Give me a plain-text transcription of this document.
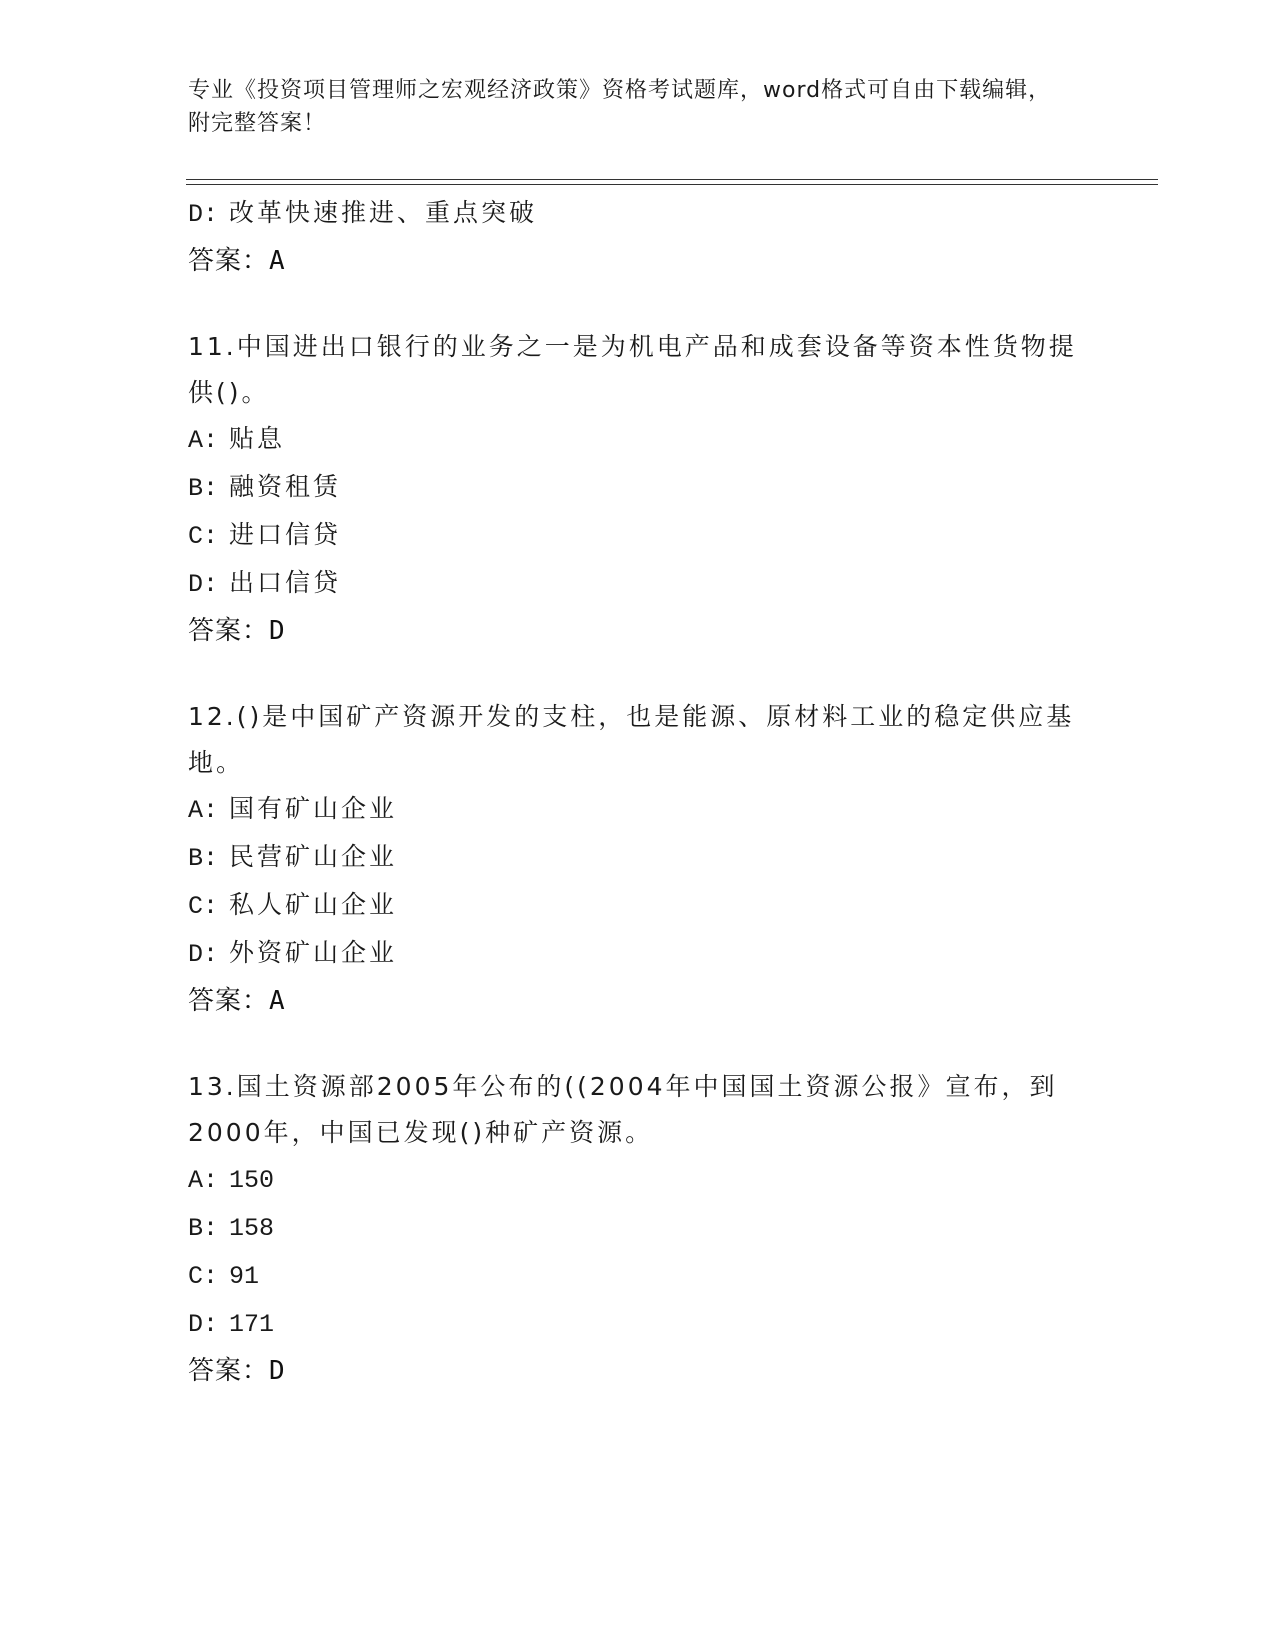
专业《投资项目管理师之宏观经济政策》资格考试题库，word格式可自由下载编辑，附完整答案！
D: 改革快速推进、重点突破
答案：A
11.中国进出口银行的业务之一是为机电产品和成套设备等资本性货物提供()。
A: 贴息
B: 融资租赁
C: 进口信贷
D: 出口信贷
答案：D
12.()是中国矿产资源开发的支柱，也是能源、原材料工业的稳定供应基地。
A: 国有矿山企业
B: 民营矿山企业
C: 私人矿山企业
D: 外资矿山企业
答案：A
13.国土资源部2005年公布的((2004年中国国土资源公报》宣布，到2000年，中国已发现()种矿产资源。
A: 150
B: 158
C: 91
D: 171
答案：D
